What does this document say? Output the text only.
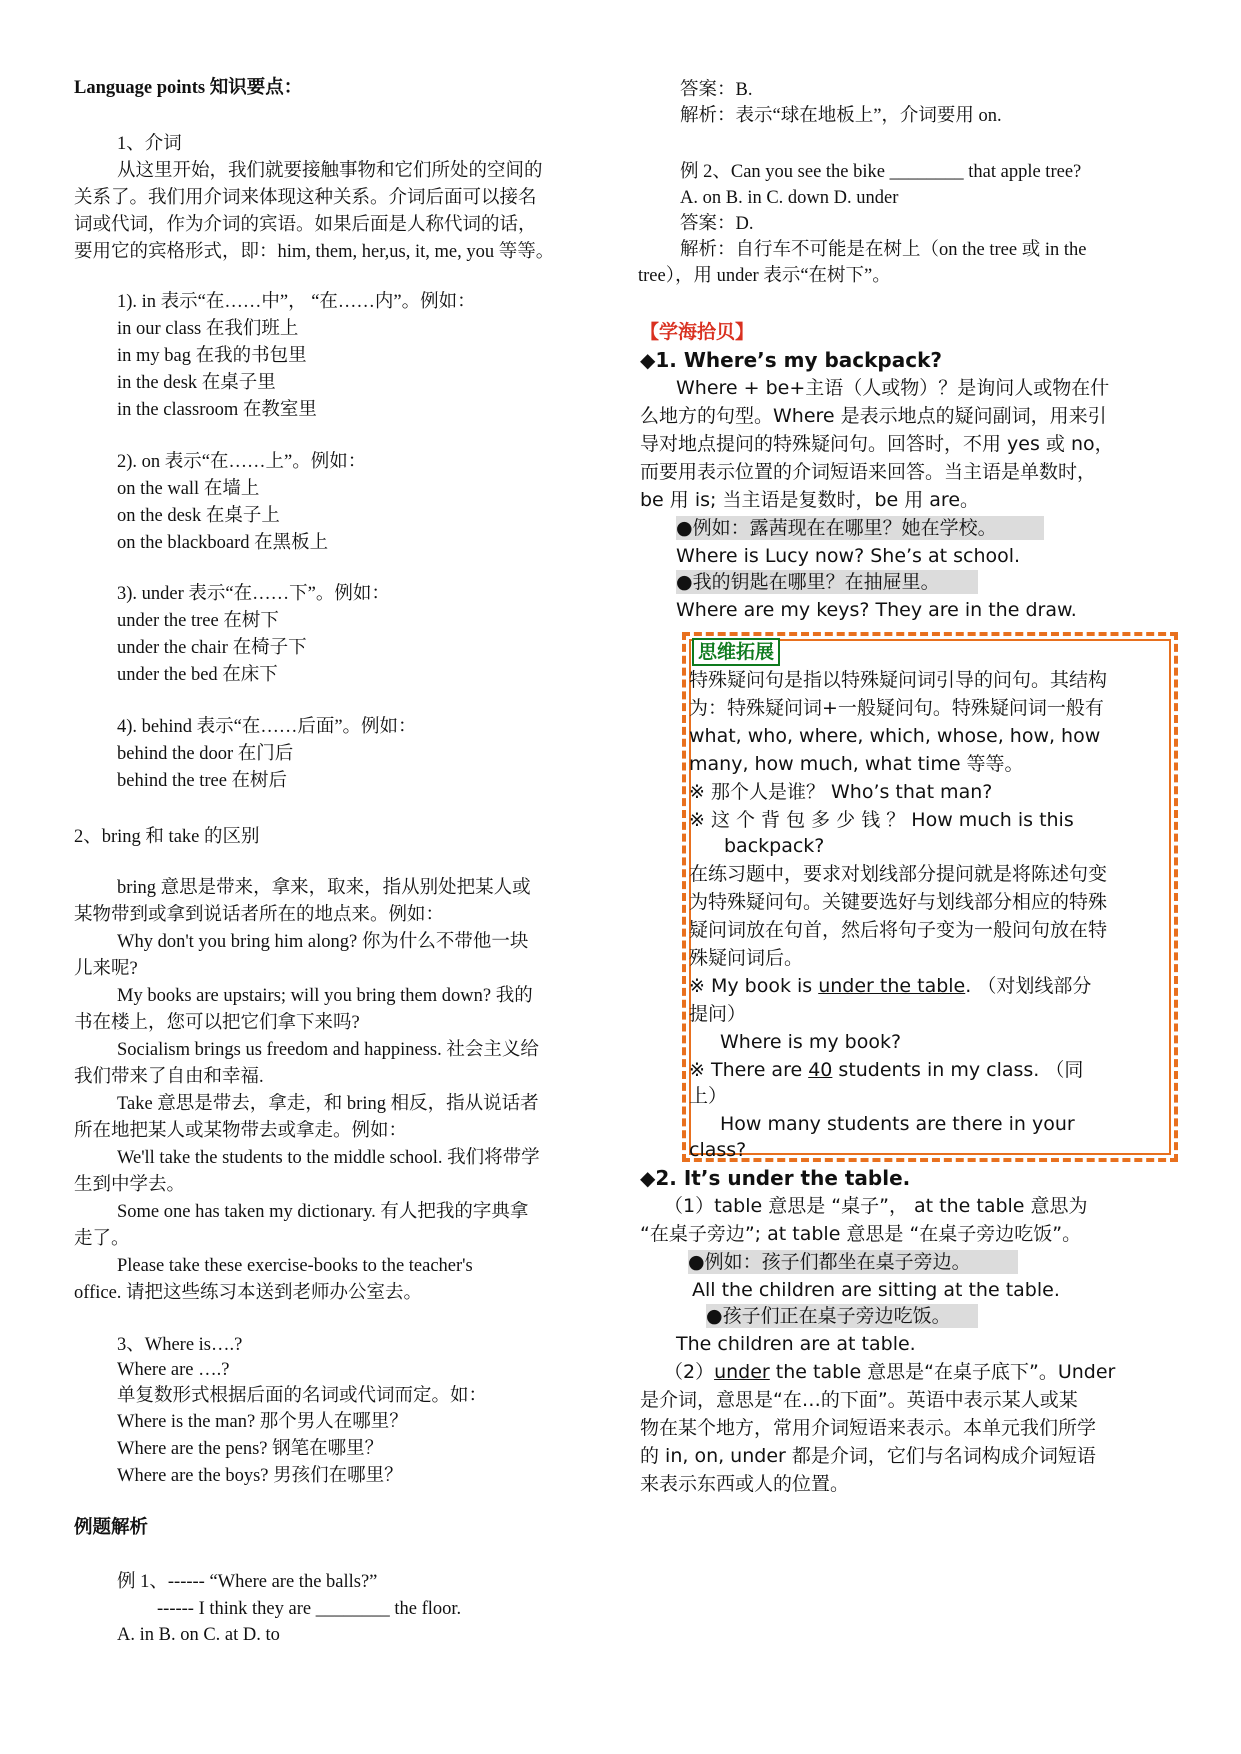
Language points 知识要点：
1、介词
从这里开始，我们就要接触事物和它们所处的空间的
关系了。我们用介词来体现这种关系。介词后面可以接名
词或代词，作为介词的宾语。如果后面是人称代词的话，
要用它的宾格形式，即：him, them, her,us, it, me, you 等等。
1). in 表示“在……中”， “在……内”。例如：
in our class 在我们班上
in my bag 在我的书包里
in the desk 在桌子里
in the classroom 在教室里
2). on 表示“在……上”。例如：
on the wall 在墙上
on the desk 在桌子上
on the blackboard 在黑板上
3). under 表示“在……下”。例如：
under the tree 在树下
under the chair 在椅子下
under the bed 在床下
4). behind 表示“在……后面”。例如：
behind the door 在门后
behind the tree 在树后
2、bring 和 take 的区别
bring 意思是带来，拿来，取来，指从别处把某人或
某物带到或拿到说话者所在的地点来。例如：
Why don't you bring him along? 你为什么不带他一块
儿来呢?
My books are upstairs; will you bring them down? 我的
书在楼上，您可以把它们拿下来吗?
Socialism brings us freedom and happiness. 社会主义给
我们带来了自由和幸福.
Take 意思是带去，拿走，和 bring 相反，指从说话者
所在地把某人或某物带去或拿走。例如：
We'll take the students to the middle school. 我们将带学
生到中学去。
Some one has taken my dictionary. 有人把我的字典拿
走了。
Please take these exercise-books to the teacher's
office. 请把这些练习本送到老师办公室去。
3、Where is….?
Where are ….?
单复数形式根据后面的名词或代词而定。如：
Where is the man? 那个男人在哪里？
Where are the pens? 钢笔在哪里？
Where are the boys? 男孩们在哪里？
例题解析
例 1、------ “Where are the balls?”
------ I think they are ________ the floor.
A. in B. on C. at D. to
答案：B.
解析：表示“球在地板上”，介词要用 on.
例 2、Can you see the bike ________ that apple tree?
A. on B. in C. down D. under
答案：D.
解析：自行车不可能是在树上（on the tree 或 in the
tree），用 under 表示“在树下”。
【学海拾贝】
◆1. Where’s my backpack?
Where + be+主语（人或物）？是询问人或物在什
么地方的句型。Where 是表示地点的疑问副词，用来引
导对地点提问的特殊疑问句。回答时，不用 yes 或 no，
而要用表示位置的介词短语来回答。当主语是单数时，
be 用 is; 当主语是复数时，be 用 are。
●例如：露茜现在在哪里？她在学校。
Where is Lucy now? She’s at school.
●我的钥匙在哪里？在抽屉里。
Where are my keys? They are in the draw.
思维拓展
特殊疑问句是指以特殊疑问词引导的问句。其结构
为：特殊疑问词+一般疑问句。特殊疑问词一般有
what, who, where, which, whose, how, how
many, how much, what time 等等。
※ 那个人是谁？ Who’s that man?
※ 这 个 背 包 多 少 钱 ？ How much is this
backpack?
在练习题中，要求对划线部分提问就是将陈述句变
为特殊疑问句。关键要选好与划线部分相应的特殊
疑问词放在句首，然后将句子变为一般问句放在特
殊疑问词后。
※ My book is under the table. （对划线部分
提问）
Where is my book?
※ There are 40 students in my class. （同
上）
How many students are there in your
class?
◆2. It’s under the table.
（1）table 意思是 “桌子”， at the table 意思为
“在桌子旁边”; at table 意思是 “在桌子旁边吃饭”。
●例如：孩子们都坐在桌子旁边。
All the children are sitting at the table.
●孩子们正在桌子旁边吃饭。
The children are at table.
（2）under the table 意思是“在桌子底下”。Under
是介词，意思是“在…的下面”。英语中表示某人或某
物在某个地方，常用介词短语来表示。本单元我们所学
的 in, on, under 都是介词，它们与名词构成介词短语
来表示东西或人的位置。
